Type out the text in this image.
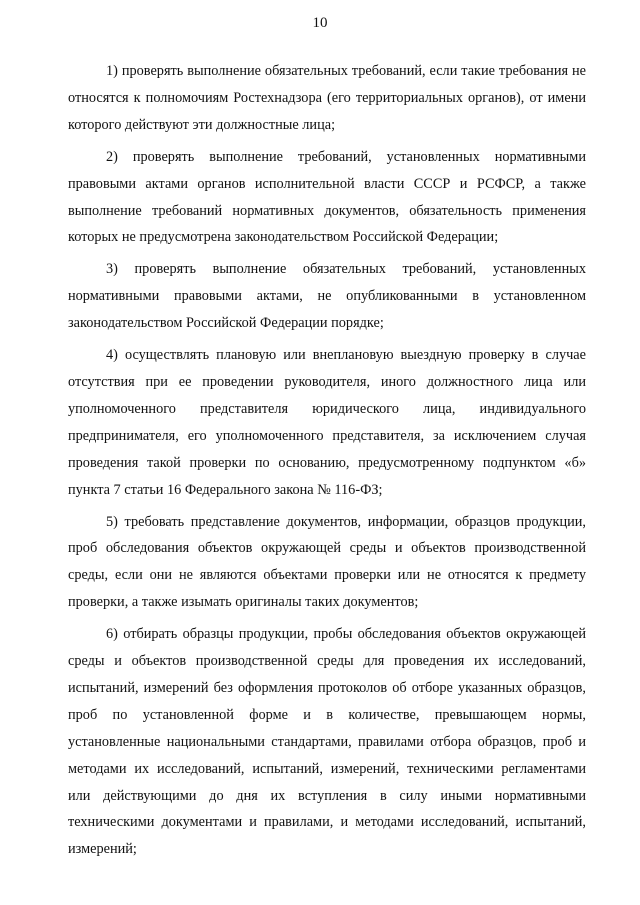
10

1) проверять выполнение обязательных требований, если такие требования не относятся к полномочиям Ростехнадзора (его территориальных органов), от имени которого действуют эти должностные лица;

2) проверять выполнение требований, установленных нормативными правовыми актами органов исполнительной власти СССР и РСФСР, а также выполнение требований нормативных документов, обязательность применения которых не предусмотрена законодательством Российской Федерации;

3) проверять выполнение обязательных требований, установленных нормативными правовыми актами, не опубликованными в установленном законодательством Российской Федерации порядке;

4) осуществлять плановую или внеплановую выездную проверку в случае отсутствия при ее проведении руководителя, иного должностного лица или уполномоченного представителя юридического лица, индивидуального предпринимателя, его уполномоченного представителя, за исключением случая проведения такой проверки по основанию, предусмотренному подпунктом «б» пункта 7 статьи 16 Федерального закона № 116-ФЗ;

5) требовать представление документов, информации, образцов продукции, проб обследования объектов окружающей среды и объектов производственной среды, если они не являются объектами проверки или не относятся к предмету проверки, а также изымать оригиналы таких документов;

6) отбирать образцы продукции, пробы обследования объектов окружающей среды и объектов производственной среды для проведения их исследований, испытаний, измерений без оформления протоколов об отборе указанных образцов, проб по установленной форме и в количестве, превышающем нормы, установленные национальными стандартами, правилами отбора образцов, проб и методами их исследований, испытаний, измерений, техническими регламентами или действующими до дня их вступления в силу иными нормативными техническими документами и правилами, и методами исследований, испытаний, измерений;
